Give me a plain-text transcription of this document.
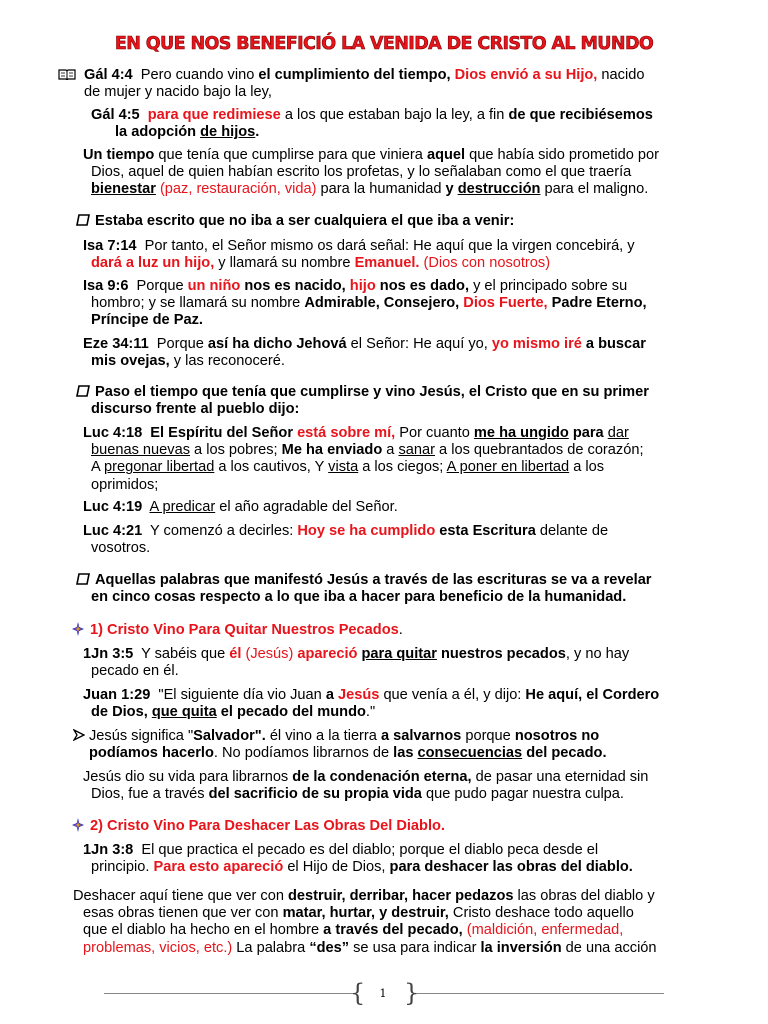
EN QUE NOS BENEFICIÓ LA VENIDA DE CRISTO AL MUNDO
Gál 4:4 Pero cuando vino el cumplimiento del tiempo, Dios envió a su Hijo, nacido
de mujer y nacido bajo la ley,
Gál 4:5 para que redimiese a los que estaban bajo la ley, a fin de que recibiésemos
la adopción de hijos.
Un tiempo que tenía que cumplirse para que viniera aquel que había sido prometido por
Dios, aquel de quien habían escrito los profetas, y lo señalaban como el que traería
bienestar (paz, restauración, vida) para la humanidad y destrucción para el maligno.
Estaba escrito que no iba a ser cualquiera el que iba a venir:
Isa 7:14 Por tanto, el Señor mismo os dará señal: He aquí que la virgen concebirá, y
dará a luz un hijo, y llamará su nombre Emanuel. (Dios con nosotros)
Isa 9:6 Porque un niño nos es nacido, hijo nos es dado, y el principado sobre su
hombro; y se llamará su nombre Admirable, Consejero, Dios Fuerte, Padre Eterno,
Príncipe de Paz.
Eze 34:11 Porque así ha dicho Jehová el Señor: He aquí yo, yo mismo iré a buscar
mis ovejas, y las reconoceré.
Paso el tiempo que tenía que cumplirse y vino Jesús, el Cristo que en su primer
discurso frente al pueblo dijo:
Luc 4:18 El Espíritu del Señor está sobre mí, Por cuanto me ha ungido para dar
buenas nuevas a los pobres; Me ha enviado a sanar a los quebrantados de corazón;
A pregonar libertad a los cautivos, Y vista a los ciegos; A poner en libertad a los
oprimidos;
Luc 4:19 A predicar el año agradable del Señor.
Luc 4:21 Y comenzó a decirles: Hoy se ha cumplido esta Escritura delante de
vosotros.
Aquellas palabras que manifestó Jesús a través de las escrituras se va a revelar
en cinco cosas respecto a lo que iba a hacer para beneficio de la humanidad.
1) Cristo Vino Para Quitar Nuestros Pecados.
1Jn 3:5 Y sabéis que él (Jesús) apareció para quitar nuestros pecados, y no hay
pecado en él.
Juan 1:29 "El siguiente día vio Juan a Jesús que venía a él, y dijo: He aquí, el Cordero
de Dios, que quita el pecado del mundo."
Jesús significa "Salvador". él vino a la tierra a salvarnos porque nosotros no
podíamos hacerlo. No podíamos librarnos de las consecuencias del pecado.
Jesús dio su vida para librarnos de la condenación eterna, de pasar una eternidad sin
Dios, fue a través del sacrificio de su propia vida que pudo pagar nuestra culpa.
2) Cristo Vino Para Deshacer Las Obras Del Diablo.
1Jn 3:8 El que practica el pecado es del diablo; porque el diablo peca desde el
principio. Para esto apareció el Hijo de Dios, para deshacer las obras del diablo.
Deshacer aquí tiene que ver con destruir, derribar, hacer pedazos las obras del diablo y
esas obras tienen que ver con matar, hurtar, y destruir, Cristo deshace todo aquello
que el diablo ha hecho en el hombre a través del pecado, (maldición, enfermedad,
problemas, vicios, etc.) La palabra “des” se usa para indicar la inversión de una acción
{ }
1
